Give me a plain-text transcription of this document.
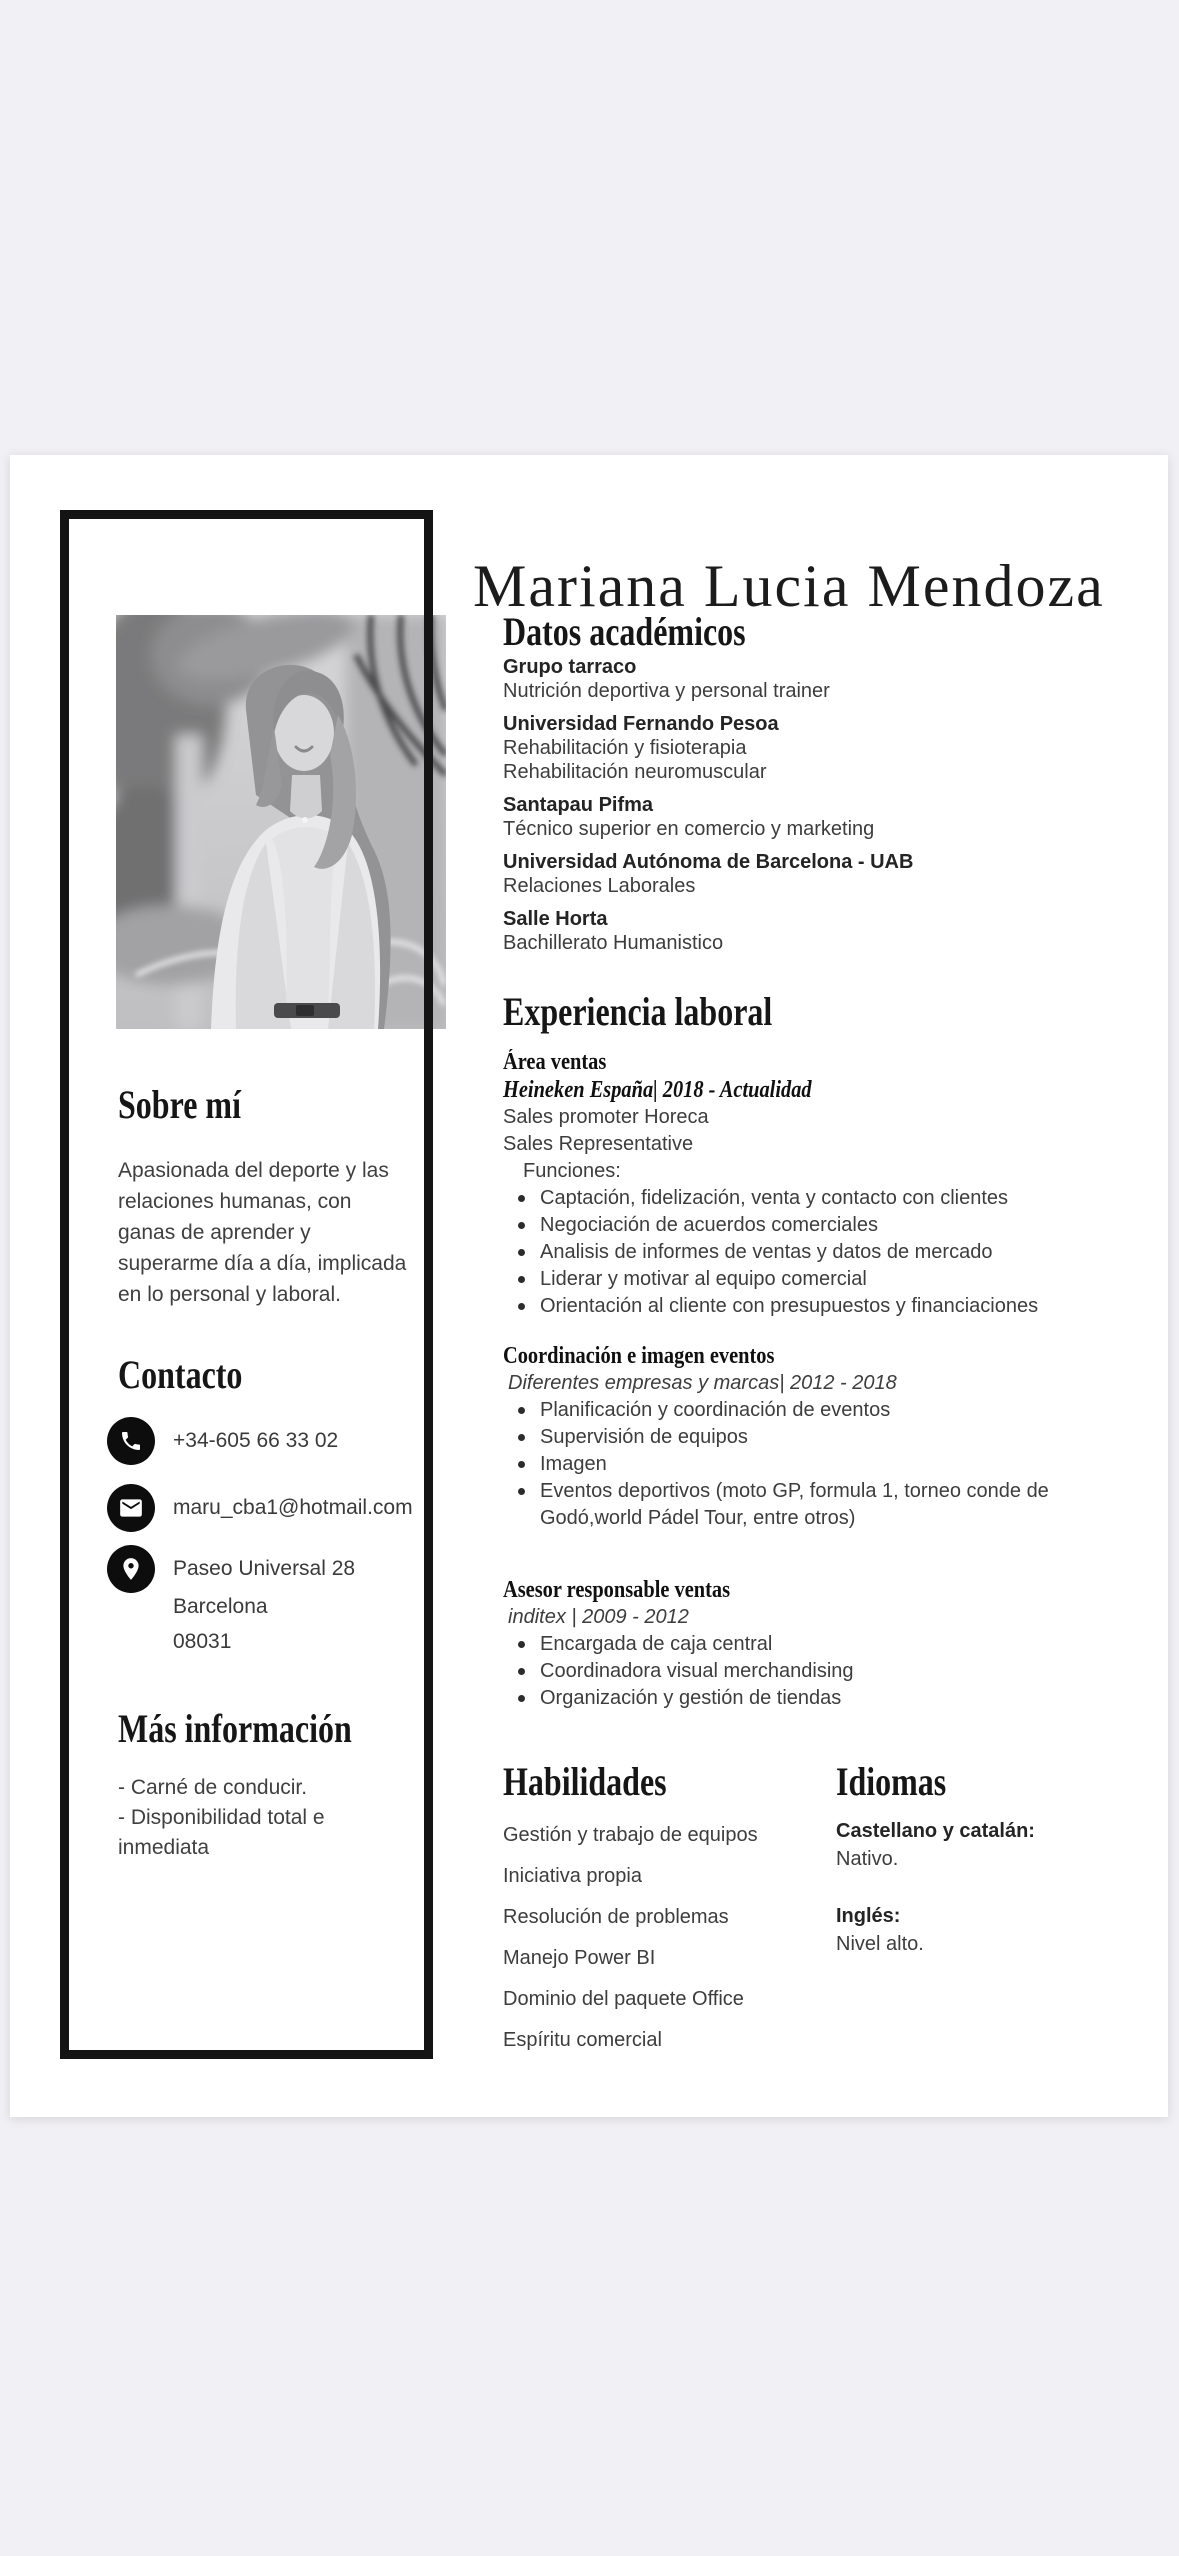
Mariana Lucia Mendoza
Sobre mí

Apasionada del deporte y las relaciones humanas, con ganas de aprender y superarme día a día, implicada en lo personal y laboral.

Contacto
+34-605 66 33 02
maru_cba1@hotmail.com
Paseo Universal 28
Barcelona
08031
Más información
- Carné de conducir.
- Disponibilidad total e inmediata
Datos académicos
Grupo tarraco
Nutrición deportiva y personal trainer
Universidad Fernando Pesoa
Rehabilitación y fisioterapia
Rehabilitación neuromuscular
Santapau Pifma
Técnico superior en comercio y marketing
Universidad Autónoma de Barcelona - UAB
Relaciones Laborales
Salle Horta
Bachillerato Humanistico
Experiencia laboral
Área ventas
Heineken España| 2018 - Actualidad
Sales promoter Horeca
Sales Representative
Funciones:
Captación, fidelización, venta y contacto con clientes
Negociación de acuerdos comerciales
Analisis de informes de ventas y datos de mercado
Liderar y motivar al equipo comercial
Orientación al cliente con presupuestos y financiaciones
Coordinación e imagen eventos
Diferentes empresas y marcas| 2012 - 2018
Planificación y coordinación de eventos
Supervisión de equipos
Imagen
Eventos deportivos (moto GP, formula 1, torneo conde de Godó,world Pádel Tour, entre otros)
Asesor responsable ventas
inditex | 2009 - 2012
Encargada de caja central
Coordinadora visual merchandising
Organización y gestión de tiendas
Habilidades
Gestión y trabajo de equipos
Iniciativa propia
Resolución de problemas
Manejo Power BI
Dominio del paquete Office
Espíritu comercial
Idiomas
Castellano y catalán:
Nativo.
Inglés:
Nivel alto.
